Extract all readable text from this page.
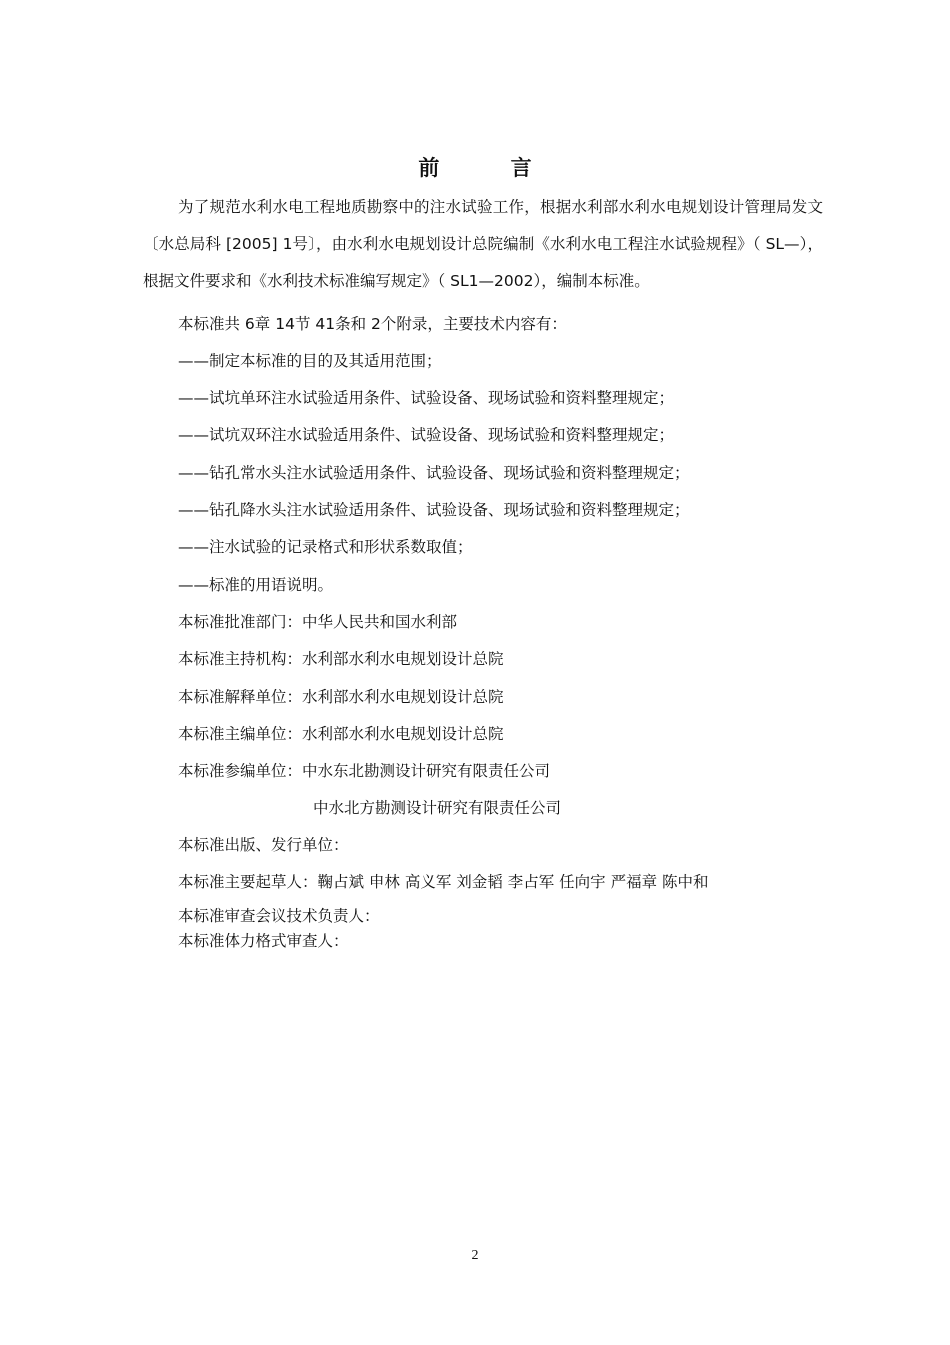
前 言
为了规范水利水电工程地质勘察中的注水试验工作，根据水利部水利水电规划设计管理局发文〔水总局科 [2005] 1号〕，由水利水电规划设计总院编制《水利水电工程注水试验规程》（ SL—），根据文件要求和《水利技术标准编写规定》（ SL1—2002），编制本标准。
本标准共 6章 14节 41条和 2个附录，主要技术内容有：
——制定本标准的目的及其适用范围；
——试坑单环注水试验适用条件、试验设备、现场试验和资料整理规定；
——试坑双环注水试验适用条件、试验设备、现场试验和资料整理规定；
——钻孔常水头注水试验适用条件、试验设备、现场试验和资料整理规定；
——钻孔降水头注水试验适用条件、试验设备、现场试验和资料整理规定；
——注水试验的记录格式和形状系数取值；
——标准的用语说明。
本标准批准部门：中华人民共和国水利部
本标准主持机构：水利部水利水电规划设计总院
本标准解释单位：水利部水利水电规划设计总院
本标准主编单位：水利部水利水电规划设计总院
本标准参编单位：中水东北勘测设计研究有限责任公司
中水北方勘测设计研究有限责任公司
本标准出版、发行单位：
本标准主要起草人：鞠占斌 申林 高义军 刘金韬 李占军 任向宇 严福章 陈中和
本标准审查会议技术负责人：
本标准体力格式审查人：
2
